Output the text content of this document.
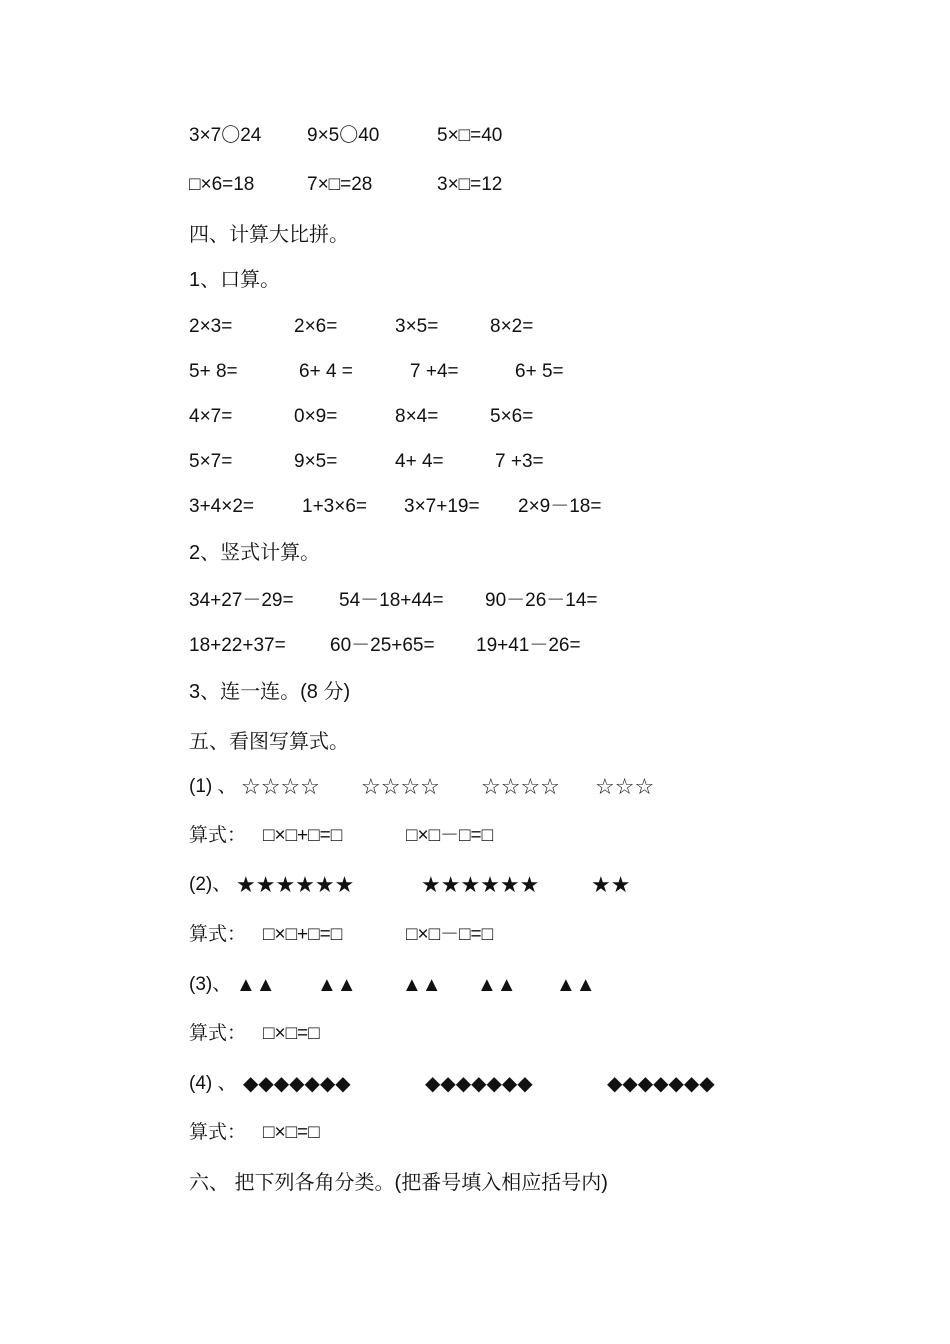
3×7〇24 9×5〇40	5×□=40
□×6=18	7×□=28	3×□=12
四、计算大比拼。
1、口算。
2×3=	2×6=	3×5=	8×2=
5+ 8=	6+ 4 =	7 +4=	6+ 5=
4×7=	0×9=	8×4=	5×6=
5×7=	9×5=	4+ 4=	7 +3=
3+4×2=	1+3×6= 3×7+19= 2×9－18=
2、竖式计算。
34+27－29= 54－18+44= 90－26－14=
18+22+37= 60－25+65= 19+41－26=
3、连一连。(8 分)
五、看图写算式。
(1) 、 ☆☆☆☆ ☆☆☆☆ ☆☆☆☆ ☆☆☆
算式： □×□+□=□	□×□－□=□
(2)、 ★★★★★★	★★★★★★ ★★
算式： □×□+□=□	□×□－□=□
(3)、 ▲▲ ▲▲ ▲▲ ▲▲ ▲▲
算式： □×□=□
(4) 、 ◆◆◆◆◆◆◆	◆◆◆◆◆◆◆	◆◆◆◆◆◆◆
算式： □×□=□
六、 把下列各角分类。(把番号填入相应括号内)
